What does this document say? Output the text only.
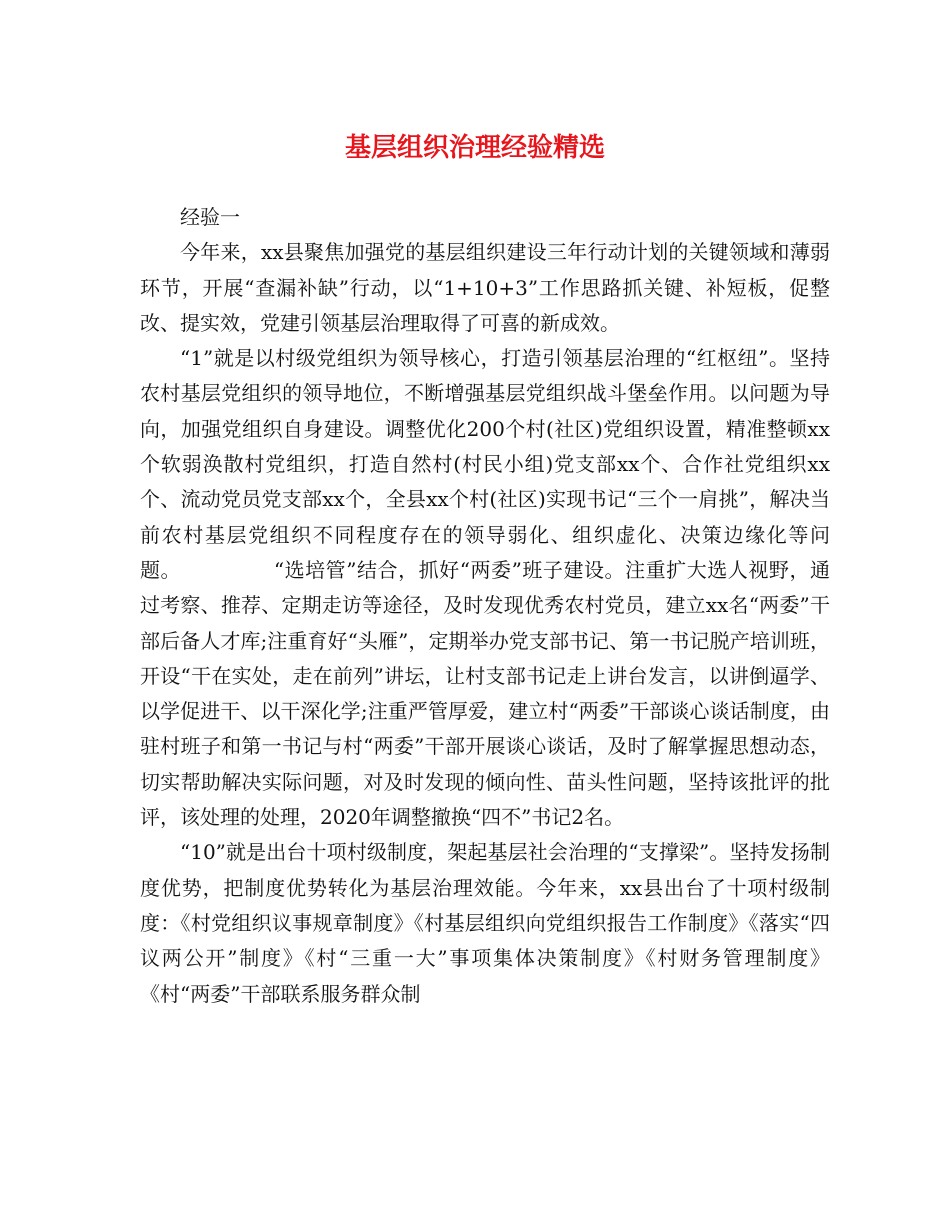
基层组织治理经验精选

经验一

今年来，xx县聚焦加强党的基层组织建设三年行动计划的关键领域和薄弱环节，开展“查漏补缺”行动，以“1+10+3”工作思路抓关键、补短板，促整改、提实效，党建引领基层治理取得了可喜的新成效。

“1”就是以村级党组织为领导核心，打造引领基层治理的“红枢纽”。坚持农村基层党组织的领导地位，不断增强基层党组织战斗堡垒作用。以问题为导向，加强党组织自身建设。调整优化200个村(社区)党组织设置，精准整顿xx个软弱涣散村党组织，打造自然村(村民小组)党支部xx个、合作社党组织xx个、流动党员党支部xx个，全县xx个村(社区)实现书记“三个一肩挑”，解决当前农村基层党组织不同程度存在的领导弱化、组织虚化、决策边缘化等问题。　　　　　“选培管”结合，抓好“两委”班子建设。注重扩大选人视野，通过考察、推荐、定期走访等途径，及时发现优秀农村党员，建立xx名“两委”干部后备人才库;注重育好“头雁”，定期举办党支部书记、第一书记脱产培训班，开设“干在实处，走在前列”讲坛，让村支部书记走上讲台发言，以讲倒逼学、以学促进干、以干深化学;注重严管厚爱，建立村“两委”干部谈心谈话制度，由驻村班子和第一书记与村“两委”干部开展谈心谈话，及时了解掌握思想动态，切实帮助解决实际问题，对及时发现的倾向性、苗头性问题，坚持该批评的批评，该处理的处理，2020年调整撤换“四不”书记2名。

“10”就是出台十项村级制度，架起基层社会治理的“支撑梁”。坚持发扬制度优势，把制度优势转化为基层治理效能。今年来，xx县出台了十项村级制度：《村党组织议事规章制度》《村基层组织向党组织报告工作制度》《落实“四议两公开”制度》《村“三重一大”事项集体决策制度》《村财务管理制度》《村“两委”干部联系服务群众制
